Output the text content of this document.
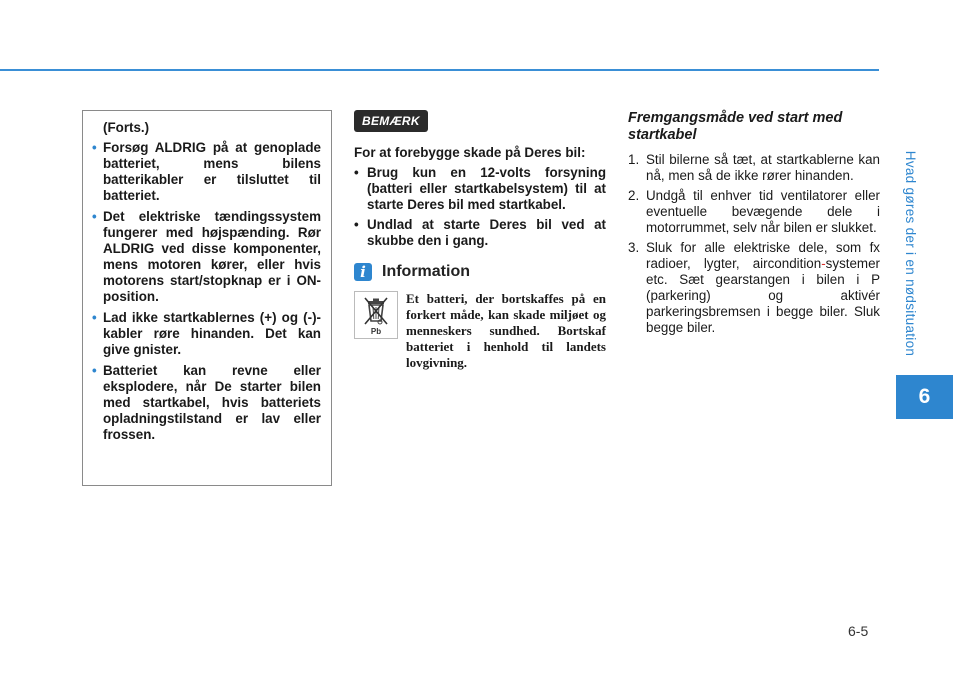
Hvad gøres der i en nødsituation
6
6-5
(Forts.)
• Forsøg ALDRIG på at genoplade batteriet, mens bilens batterikabler er tilsluttet til batteriet.
• Det elektriske tændingssystem fungerer med højspænding. Rør ALDRIG ved disse komponenter, mens motoren kører, eller hvis motorens start/stopknap er i ON-position.
• Lad ikke startkablernes (+) og (-)-kabler røre hinanden. Det kan give gnister.
• Batteriet kan revne eller eksplodere, når De starter bilen med startkabel, hvis batteriets opladningstilstand er lav eller frossen.
BEMÆRK
For at forebygge skade på Deres bil:
• Brug kun en 12-volts forsyning (batteri eller startkabelsystem) til at starte Deres bil med startkabel.
• Undlad at starte Deres bil ved at skubbe den i gang.
i	Information
Pb
Et batteri, der bortskaffes på en forkert måde, kan skade miljøet og menneskers sundhed. Bortskaf batteriet i henhold til landets lovgivning.
Fremgangsmåde ved start med startkabel
1. Stil bilerne så tæt, at startkablerne kan nå, men så de ikke rører hinanden.
2. Undgå til enhver tid ventilatorer eller eventuelle bevægende dele i motorrummet, selv når bilen er slukket.
3. Sluk for alle elektriske dele, som fx radioer, lygter, aircondition-systemer etc. Sæt gearstangen i bilen i P (parkering) og aktivér parkeringsbremsen i begge biler. Sluk begge biler.
